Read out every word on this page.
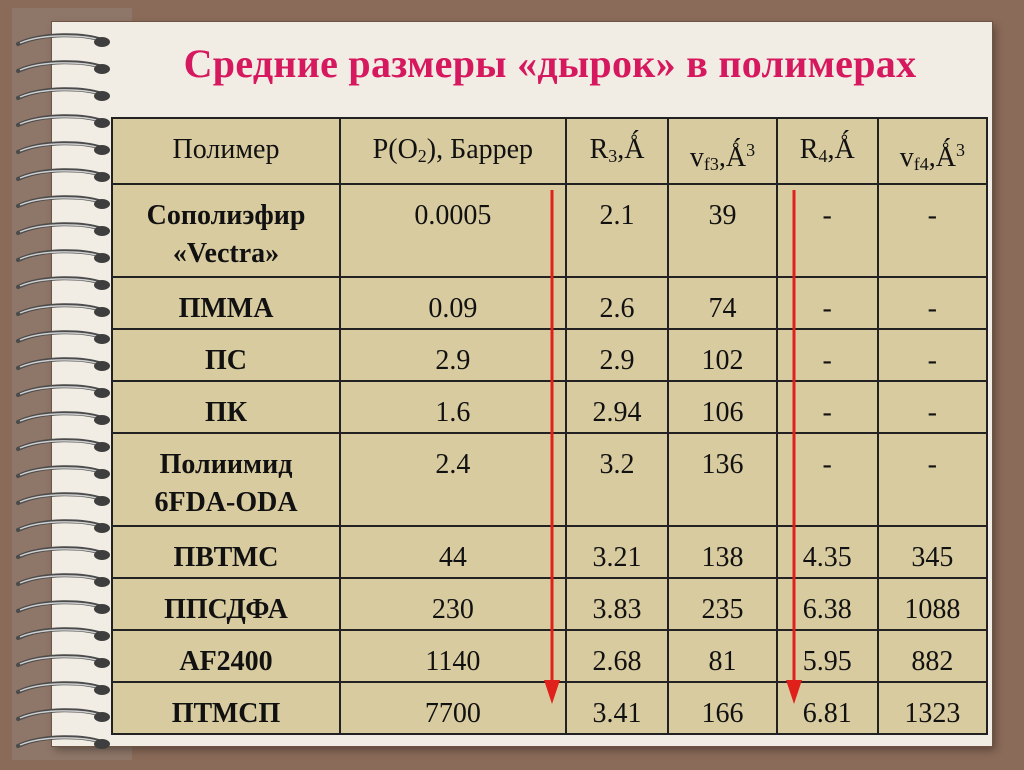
Средние размеры «дырок» в полимерах
Полимер	$P(O_2)$, Баррер	$R_3,Ǻ$	$v_{f3},Ǻ^3$	$R_4,Ǻ$	$v_{f4},Ǻ^3$
Сополиэфир «Vectra»	0.0005	2.1	39	-	-
ПММА	0.09	2.6	74	-	-
ПС	2.9	2.9	102	-	-
ПК	1.6	2.94	106	-	-
Полиимид 6FDA-ODA	2.4	3.2	136	-	-
ПВТМС	44	3.21	138	4.35	345
ППСДФА	230	3.83	235	6.38	1088
AF2400	1140	2.68	81	5.95	882
ПТМСП	7700	3.41	166	6.81	1323
